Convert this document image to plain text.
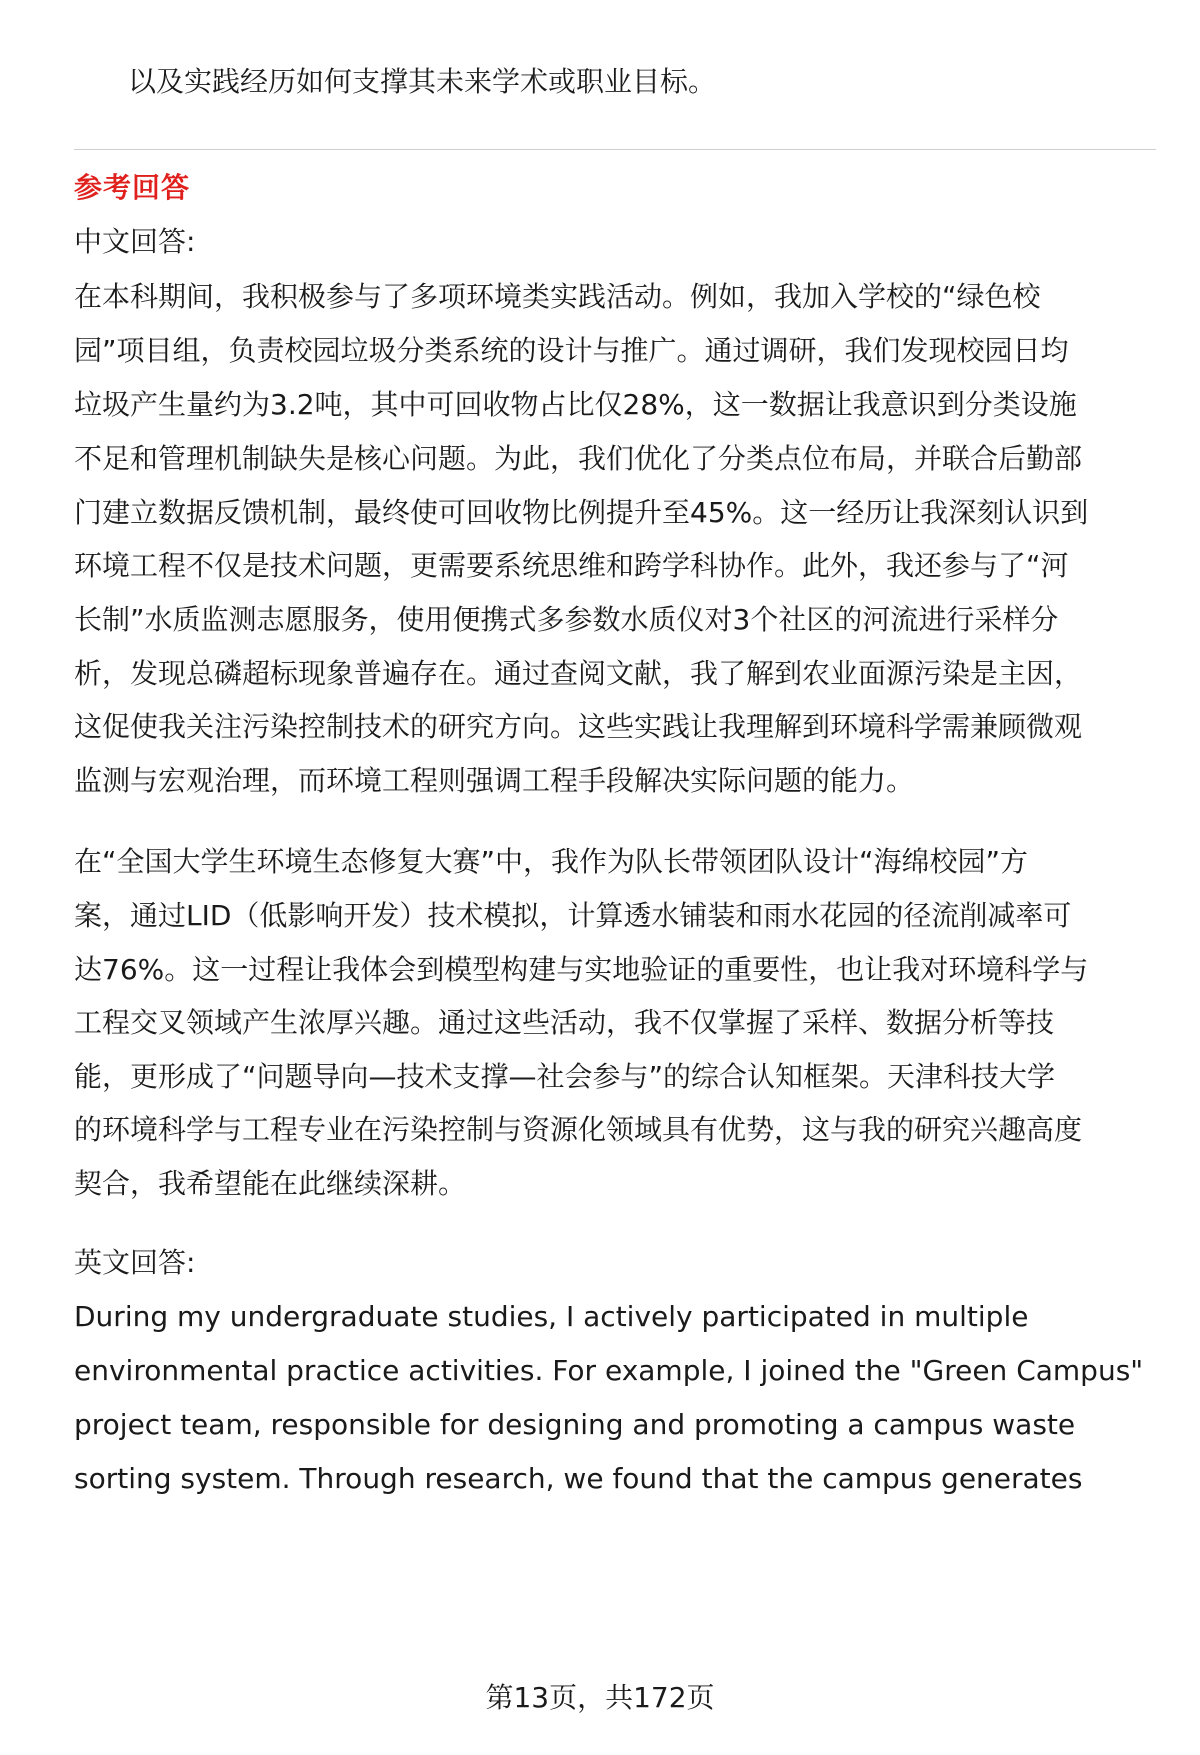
以及实践经历如何支撑其未来学术或职业目标。
参考回答
中文回答:
在本科期间，我积极参与了多项环境类实践活动。例如，我加入学校的“绿色校
园”项目组，负责校园垃圾分类系统的设计与推广。通过调研，我们发现校园日均
垃圾产生量约为3.2吨，其中可回收物占比仅28%，这一数据让我意识到分类设施
不足和管理机制缺失是核心问题。为此，我们优化了分类点位布局，并联合后勤部
门建立数据反馈机制，最终使可回收物比例提升至45%。这一经历让我深刻认识到
环境工程不仅是技术问题，更需要系统思维和跨学科协作。此外，我还参与了“河
长制”水质监测志愿服务，使用便携式多参数水质仪对3个社区的河流进行采样分
析，发现总磷超标现象普遍存在。通过查阅文献，我了解到农业面源污染是主因，
这促使我关注污染控制技术的研究方向。这些实践让我理解到环境科学需兼顾微观
监测与宏观治理，而环境工程则强调工程手段解决实际问题的能力。
在“全国大学生环境生态修复大赛”中，我作为队长带领团队设计“海绵校园”方
案，通过LID（低影响开发）技术模拟，计算透水铺装和雨水花园的径流削减率可
达76%。这一过程让我体会到模型构建与实地验证的重要性，也让我对环境科学与
工程交叉领域产生浓厚兴趣。通过这些活动，我不仅掌握了采样、数据分析等技
能，更形成了“问题导向—技术支撑—社会参与”的综合认知框架。天津科技大学
的环境科学与工程专业在污染控制与资源化领域具有优势，这与我的研究兴趣高度
契合，我希望能在此继续深耕。
英文回答:
During my undergraduate studies, I actively participated in multiple
environmental practice activities. For example, I joined the "Green Campus"
project team, responsible for designing and promoting a campus waste
sorting system. Through research, we found that the campus generates
第13页，共172页
